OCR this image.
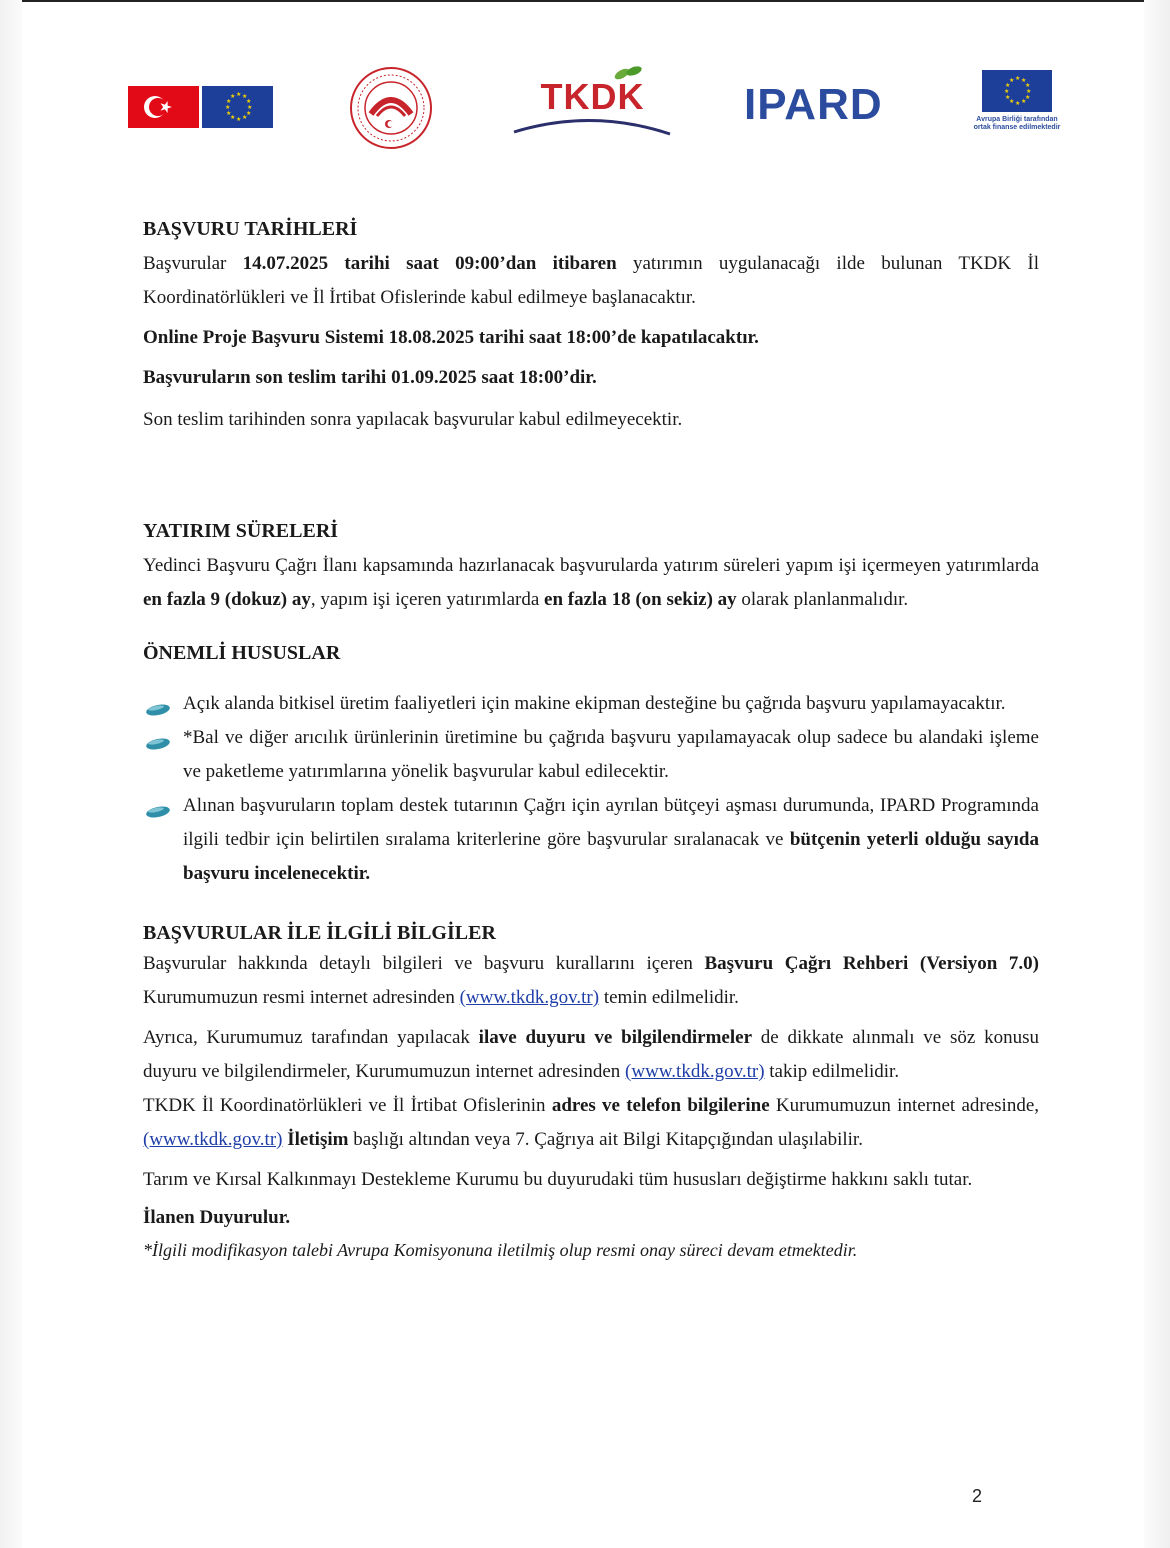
★ ★
★
★
★
★
★
★
★
★
★
★	TKDK	IPARD
★ ★
★
★
★
★
★
★
★
★
★
★
Avrupa Birliği tarafından
ortak finanse edilmektedir
BAŞVURU TARİHLERİ

Başvurular 14.07.2025 tarihi saat 09:00’dan itibaren yatırımın uygulanacağı ilde bulunan TKDK İl Koordinatörlükleri ve İl İrtibat Ofislerinde kabul edilmeye başlanacaktır.

Online Proje Başvuru Sistemi 18.08.2025 tarihi saat 18:00’de kapatılacaktır.

Başvuruların son teslim tarihi 01.09.2025 saat 18:00’dir.

Son teslim tarihinden sonra yapılacak başvurular kabul edilmeyecektir.

YATIRIM SÜRELERİ

Yedinci Başvuru Çağrı İlanı kapsamında hazırlanacak başvurularda yatırım süreleri yapım işi içermeyen yatırımlarda en fazla 9 (dokuz) ay, yapım işi içeren yatırımlarda en fazla 18 (on sekiz) ay olarak planlanmalıdır.

ÖNEMLİ HUSUSLAR
Açık alanda bitkisel üretim faaliyetleri için makine ekipman desteğine bu çağrıda başvuru yapılamayacaktır.
*Bal ve diğer arıcılık ürünlerinin üretimine bu çağrıda başvuru yapılamayacak olup sadece bu alandaki işleme ve paketleme yatırımlarına yönelik başvurular kabul edilecektir.
Alınan başvuruların toplam destek tutarının Çağrı için ayrılan bütçeyi aşması durumunda, IPARD Programında ilgili tedbir için belirtilen sıralama kriterlerine göre başvurular sıralanacak ve bütçenin yeterli olduğu sayıda başvuru incelenecektir.
BAŞVURULAR İLE İLGİLİ BİLGİLER

Başvurular hakkında detaylı bilgileri ve başvuru kurallarını içeren Başvuru Çağrı Rehberi (Versiyon 7.0) Kurumumuzun resmi internet adresinden (www.tkdk.gov.tr) temin edilmelidir.

Ayrıca, Kurumumuz tarafından yapılacak ilave duyuru ve bilgilendirmeler de dikkate alınmalı ve söz konusu duyuru ve bilgilendirmeler, Kurumumuzun internet adresinden (www.tkdk.gov.tr) takip edilmelidir.

TKDK İl Koordinatörlükleri ve İl İrtibat Ofislerinin adres ve telefon bilgilerine Kurumumuzun internet adresinde, (www.tkdk.gov.tr) İletişim başlığı altından veya 7. Çağrıya ait Bilgi Kitapçığından ulaşılabilir.

Tarım ve Kırsal Kalkınmayı Destekleme Kurumu bu duyurudaki tüm hususları değiştirme hakkını saklı tutar.

İlanen Duyurulur.

*İlgili modifikasyon talebi Avrupa Komisyonuna iletilmiş olup resmi onay süreci devam etmektedir.

2
